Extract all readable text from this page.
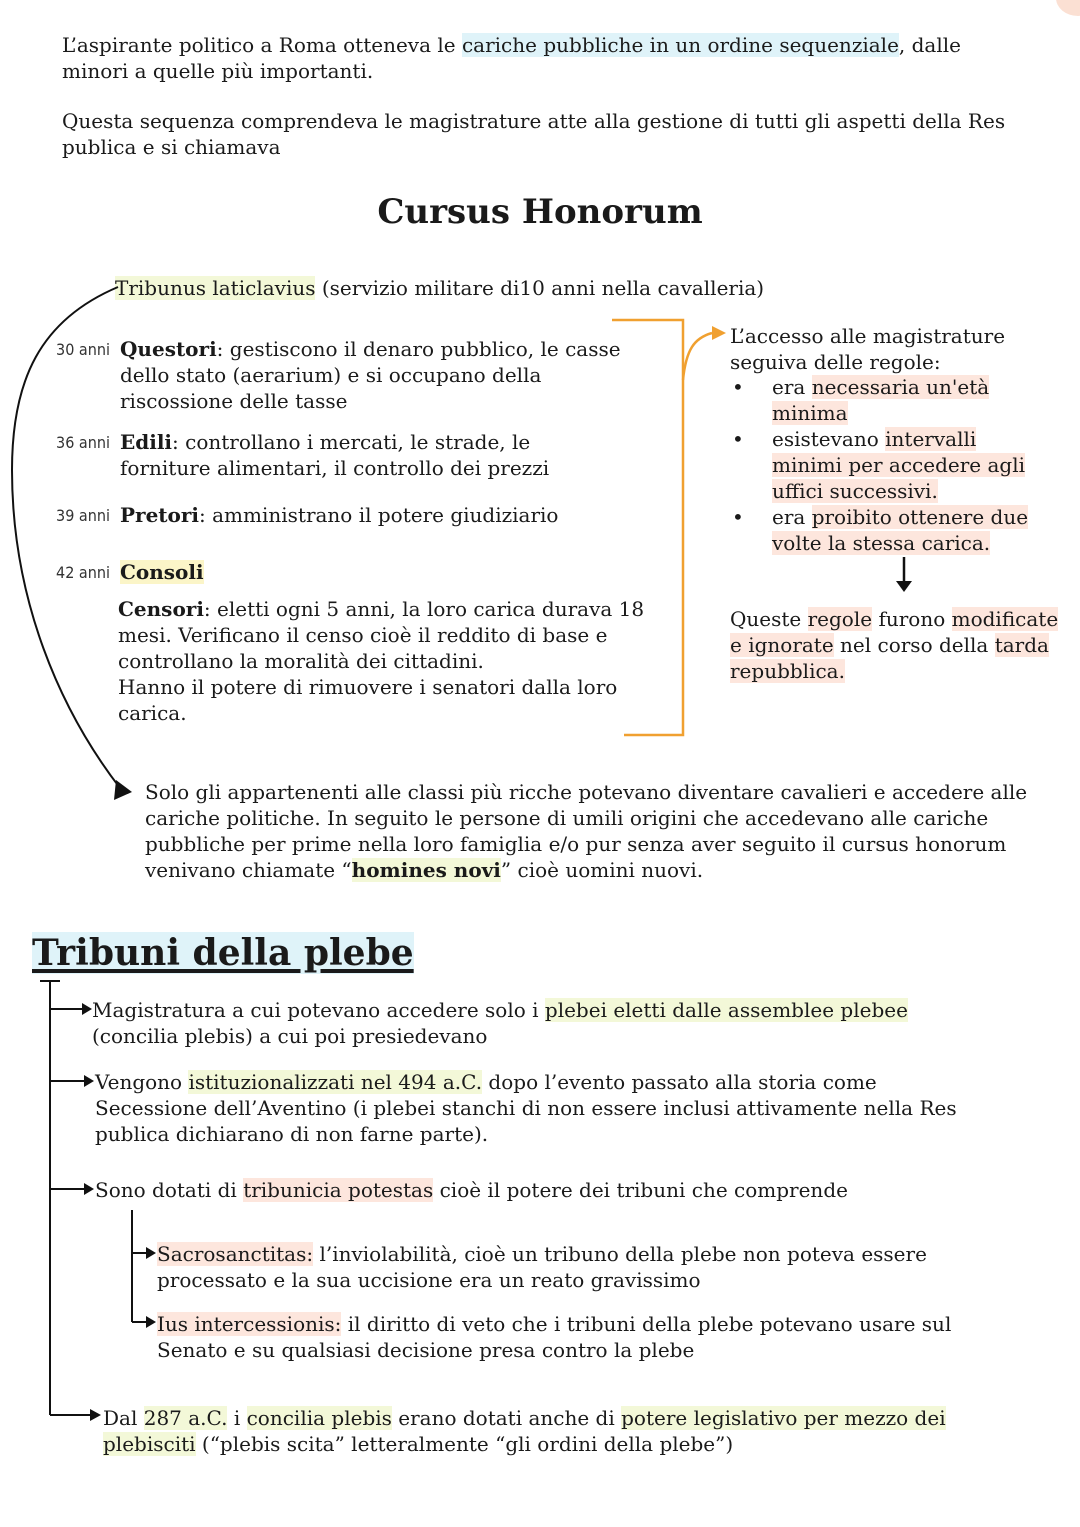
L’aspirante politico a Roma otteneva le cariche pubbliche in un ordine sequenziale, dalle minori a quelle più importanti.
Questa sequenza comprendeva le magistrature atte alla gestione di tutti gli aspetti della Res publica e si chiamava
Cursus Honorum
Tribunus laticlavius (servizio militare di10 anni nella cavalleria)
30 anni Questori: gestiscono il denaro pubblico, le casse dello stato (aerarium) e si occupano della riscossione delle tasse
36 anni Edili: controllano i mercati, le strade, le forniture alimentari, il controllo dei prezzi
39 anni Pretori: amministrano il potere giudiziario
42 anni Consoli
Censori: eletti ogni 5 anni, la loro carica durava 18 mesi. Verificano il censo cioè il reddito di base e controllano la moralità dei cittadini.
Hanno il potere di rimuovere i senatori dalla loro carica.
L’accesso alle magistrature seguiva delle regole:
• era necessaria un'età minima
• esistevano intervalli minimi per accedere agli uffici successivi.
• era proibito ottenere due volte la stessa carica.
Queste regole furono modificate e ignorate nel corso della tarda repubblica.
Solo gli appartenenti alle classi più ricche potevano diventare cavalieri e accedere alle cariche politiche. In seguito le persone di umili origini che accedevano alle cariche pubbliche per prime nella loro famiglia e/o pur senza aver seguito il cursus honorum venivano chiamate “homines novi” cioè uomini nuovi.
Tribuni della plebe
Magistratura a cui potevano accedere solo i plebei eletti dalle assemblee plebee (concilia plebis) a cui poi presiedevano
Vengono istituzionalizzati nel 494 a.C. dopo l’evento passato alla storia come Secessione dell’Aventino (i plebei stanchi di non essere inclusi attivamente nella Res publica dichiarano di non farne parte).
Sono dotati di tribunicia potestas cioè il potere dei tribuni che comprende
Sacrosanctitas: l’inviolabilità, cioè un tribuno della plebe non poteva essere processato e la sua uccisione era un reato gravissimo
Ius intercessionis: il diritto di veto che i tribuni della plebe potevano usare sul Senato e su qualsiasi decisione presa contro la plebe
Dal 287 a.C. i concilia plebis erano dotati anche di potere legislativo per mezzo dei plebisciti (“plebis scita” letteralmente “gli ordini della plebe”)
